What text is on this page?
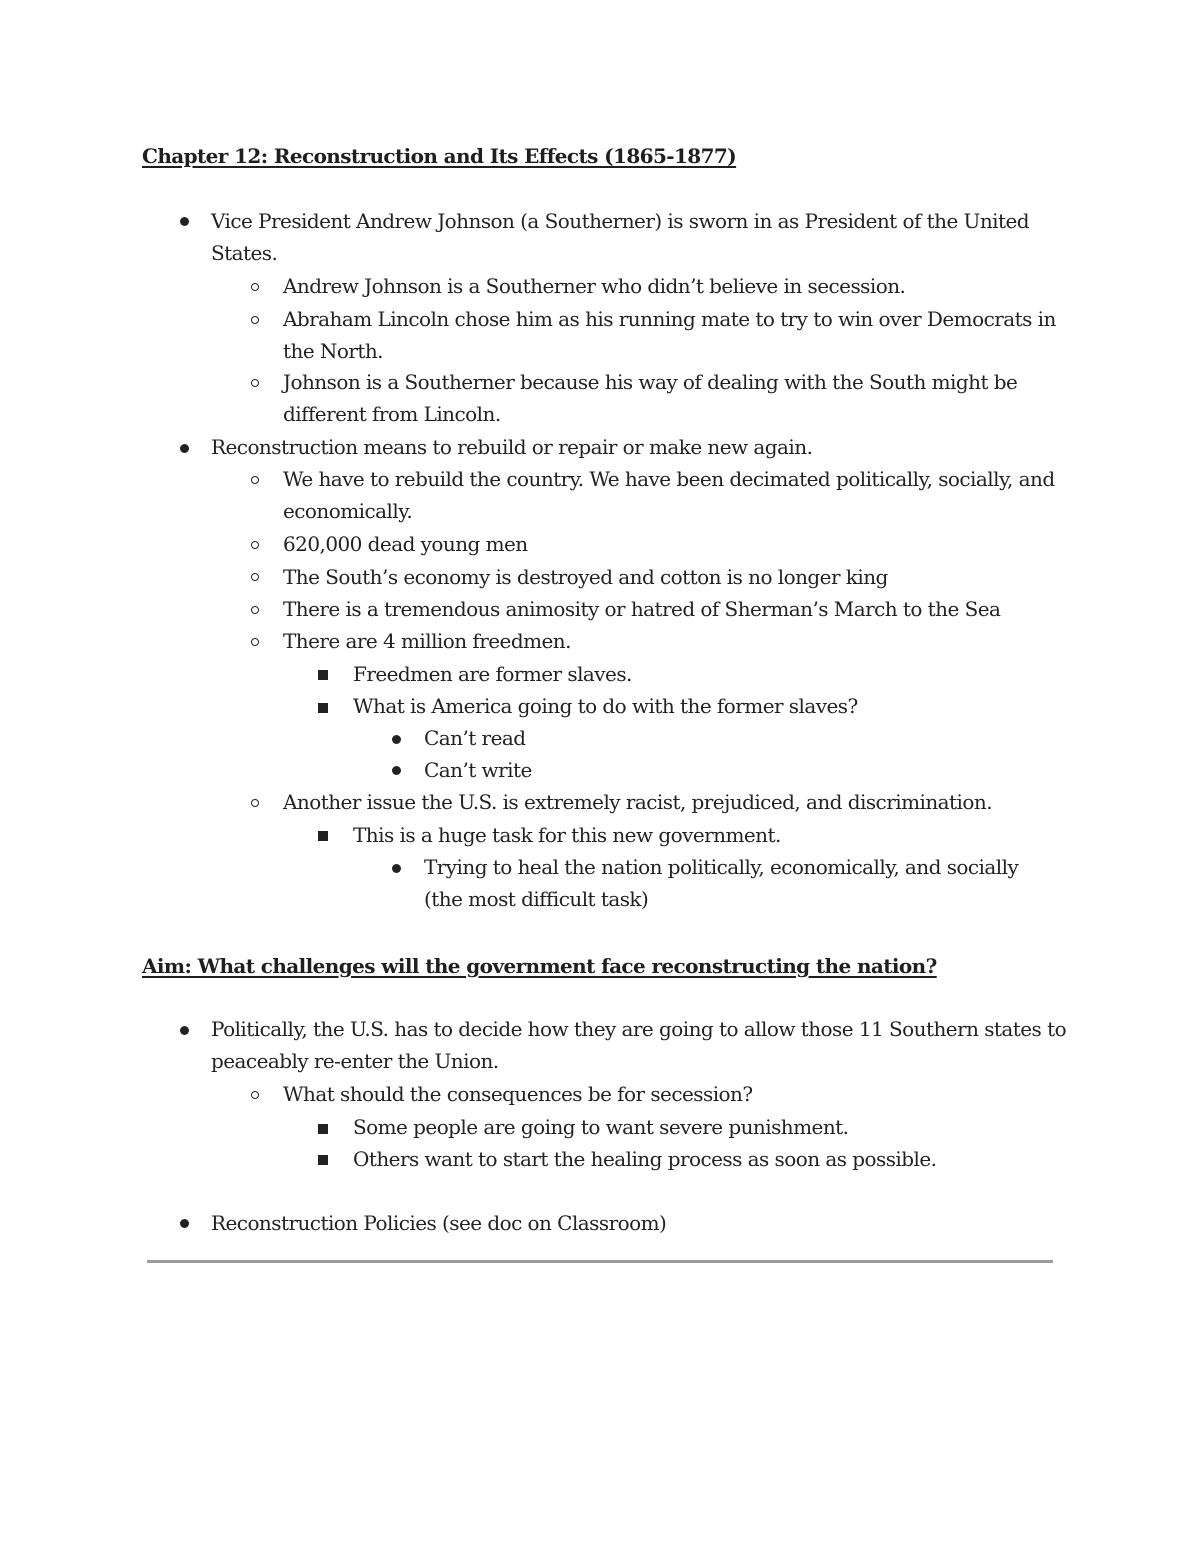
Chapter 12: Reconstruction and Its Effects (1865-1877)

Vice President Andrew Johnson (a Southerner) is sworn in as President of the United

States.

Andrew Johnson is a Southerner who didn’t believe in secession.

Abraham Lincoln chose him as his running mate to try to win over Democrats in

the North.

Johnson is a Southerner because his way of dealing with the South might be

different from Lincoln.

Reconstruction means to rebuild or repair or make new again.

We have to rebuild the country. We have been decimated politically, socially, and

economically.

620,000 dead young men

The South’s economy is destroyed and cotton is no longer king

There is a tremendous animosity or hatred of Sherman’s March to the Sea

There are 4 million freedmen.

Freedmen are former slaves.

What is America going to do with the former slaves?

Can’t read

Can’t write

Another issue the U.S. is extremely racist, prejudiced, and discrimination.

This is a huge task for this new government.

Trying to heal the nation politically, economically, and socially

(the most difficult task)

Aim: What challenges will the government face reconstructing the nation?

Politically, the U.S. has to decide how they are going to allow those 11 Southern states to

peaceably re-enter the Union.

What should the consequences be for secession?

Some people are going to want severe punishment.

Others want to start the healing process as soon as possible.

Reconstruction Policies (see doc on Classroom)
